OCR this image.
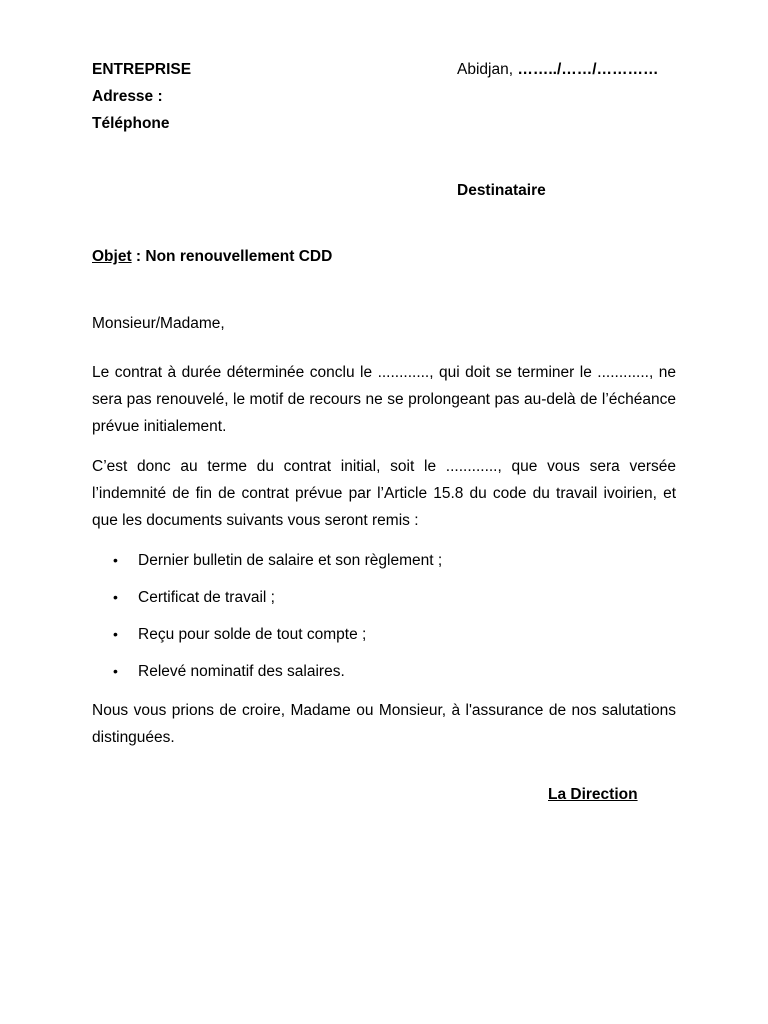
ENTREPRISE
Adresse :
Téléphone
Abidjan, ……../……/…………
Destinataire
Objet : Non renouvellement CDD
Monsieur/Madame,
Le contrat à durée déterminée conclu le ............, qui doit se terminer le ............, ne sera pas renouvelé, le motif de recours ne se prolongeant pas au-delà de l’échéance prévue initialement.
C’est donc au terme du contrat initial, soit le ............, que vous sera versée l’indemnité de fin de contrat prévue par l’Article 15.8 du code du travail ivoirien, et que les documents suivants vous seront remis :
• Dernier bulletin de salaire et son règlement ;
• Certificat de travail ;
• Reçu pour solde de tout compte ;
• Relevé nominatif des salaires.
Nous vous prions de croire, Madame ou Monsieur, à l'assurance de nos salutations distinguées.
La Direction
